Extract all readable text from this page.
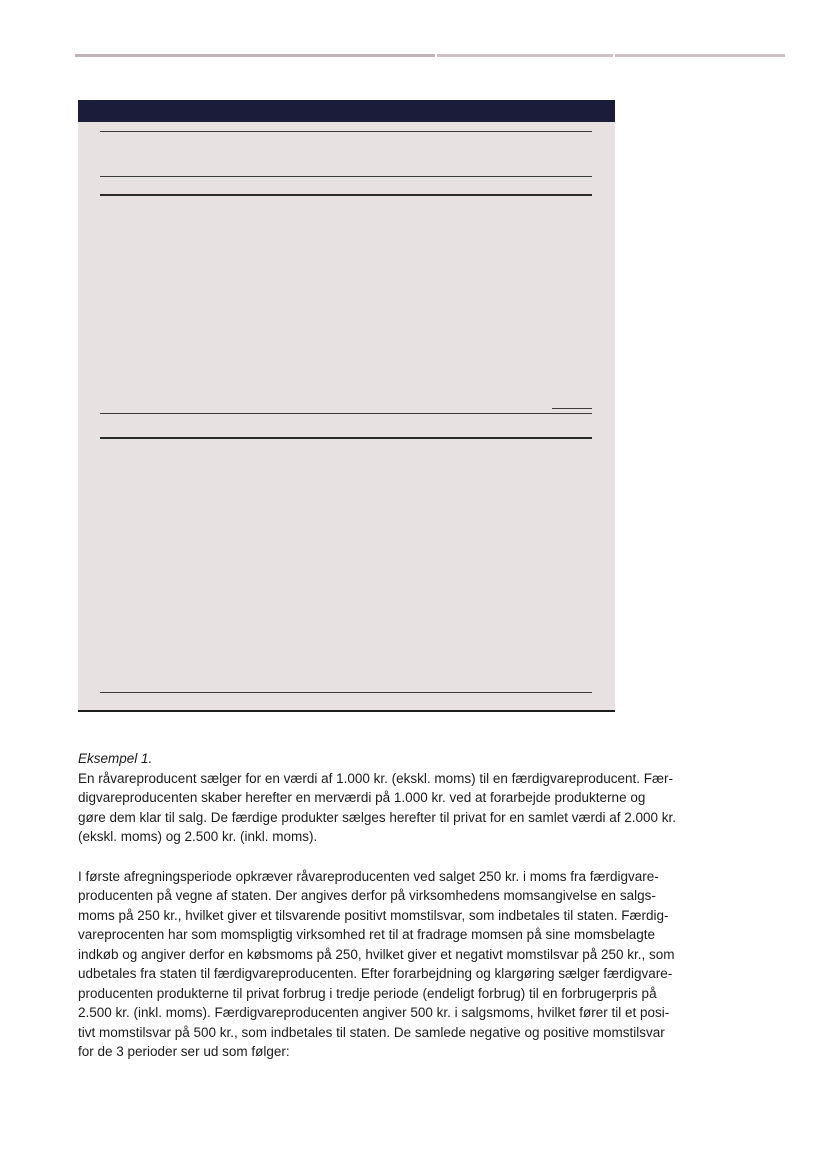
Eksempel 1.
En råvareproducent sælger for en værdi af 1.000 kr. (ekskl. moms) til en færdigvareproducent. Fær-
digvareproducenten skaber herefter en merværdi på 1.000 kr. ved at forarbejde produkterne og
gøre dem klar til salg. De færdige produkter sælges herefter til privat for en samlet værdi af 2.000 kr.
(ekskl. moms) og 2.500 kr. (inkl. moms).
I første afregningsperiode opkræver råvareproducenten ved salget 250 kr. i moms fra færdigvare-
producenten på vegne af staten. Der angives derfor på virksomhedens momsangivelse en salgs-
moms på 250 kr., hvilket giver et tilsvarende positivt momstilsvar, som indbetales til staten. Færdig-
vareprocenten har som momspligtig virksomhed ret til at fradrage momsen på sine momsbelagte
indkøb og angiver derfor en købsmoms på 250, hvilket giver et negativt momstilsvar på 250 kr., som
udbetales fra staten til færdigvareproducenten. Efter forarbejdning og klargøring sælger færdigvare-
producenten produkterne til privat forbrug i tredje periode (endeligt forbrug) til en forbrugerpris på
2.500 kr. (inkl. moms). Færdigvareproducenten angiver 500 kr. i salgsmoms, hvilket fører til et posi-
tivt momstilsvar på 500 kr., som indbetales til staten. De samlede negative og positive momstilsvar
for de 3 perioder ser ud som følger:
